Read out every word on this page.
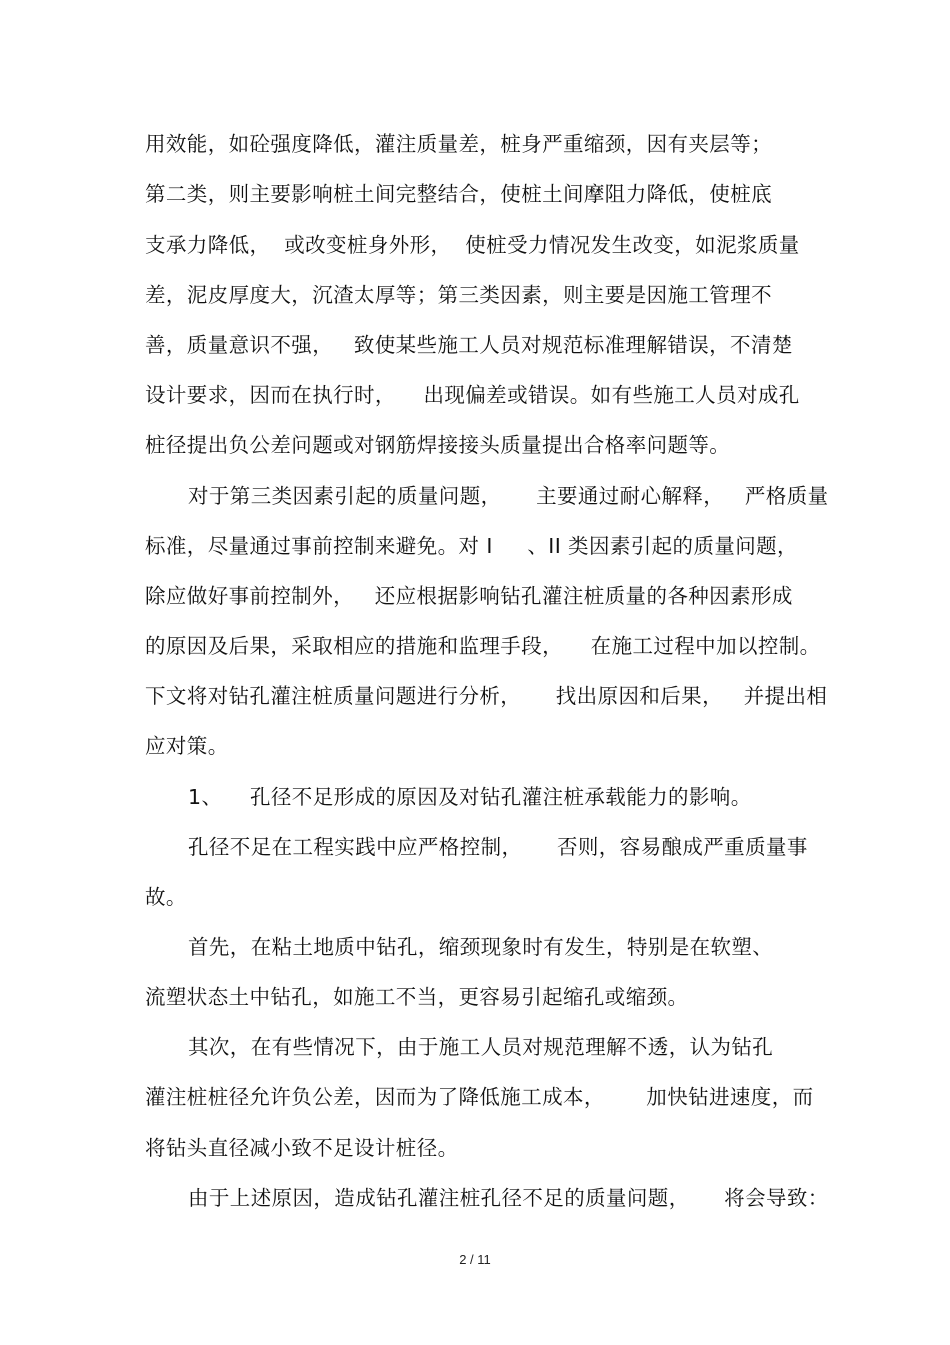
用效能，如砼强度降低，灌注质量差，桩身严重缩颈，因有夹层等；
第二类，则主要影响桩土间完整结合，使桩土间摩阻力降低，使桩底
支承力降低，  或改变桩身外形，  使桩受力情况发生改变，如泥浆质量
差，泥皮厚度大，沉渣太厚等；第三类因素，则主要是因施工管理不
善，质量意识不强，   致使某些施工人员对规范标准理解错误，不清楚
设计要求，因而在执行时，    出现偏差或错误。如有些施工人员对成孔
桩径提出负公差问题或对钢筋焊接接头质量提出合格率问题等。
对于第三类因素引起的质量问题，     主要通过耐心解释，   严格质量
标准，尽量通过事前控制来避免。对 I     、II 类因素引起的质量问题，
除应做好事前控制外，   还应根据影响钻孔灌注桩质量的各种因素形成
的原因及后果，采取相应的措施和监理手段，    在施工过程中加以控制。
下文将对钻孔灌注桩质量问题进行分析，     找出原因和后果，   并提出相
应对策。
1、    孔径不足形成的原因及对钻孔灌注桩承载能力的影响。
孔径不足在工程实践中应严格控制，     否则，容易酿成严重质量事
故。
首先，在粘土地质中钻孔，缩颈现象时有发生，特别是在软塑、
流塑状态土中钻孔，如施工不当，更容易引起缩孔或缩颈。
其次，在有些情况下，由于施工人员对规范理解不透，认为钻孔
灌注桩桩径允许负公差，因而为了降低施工成本，      加快钻进速度，而
将钻头直径减小致不足设计桩径。
由于上述原因，造成钻孔灌注桩孔径不足的质量问题，     将会导致：
2 / 11
